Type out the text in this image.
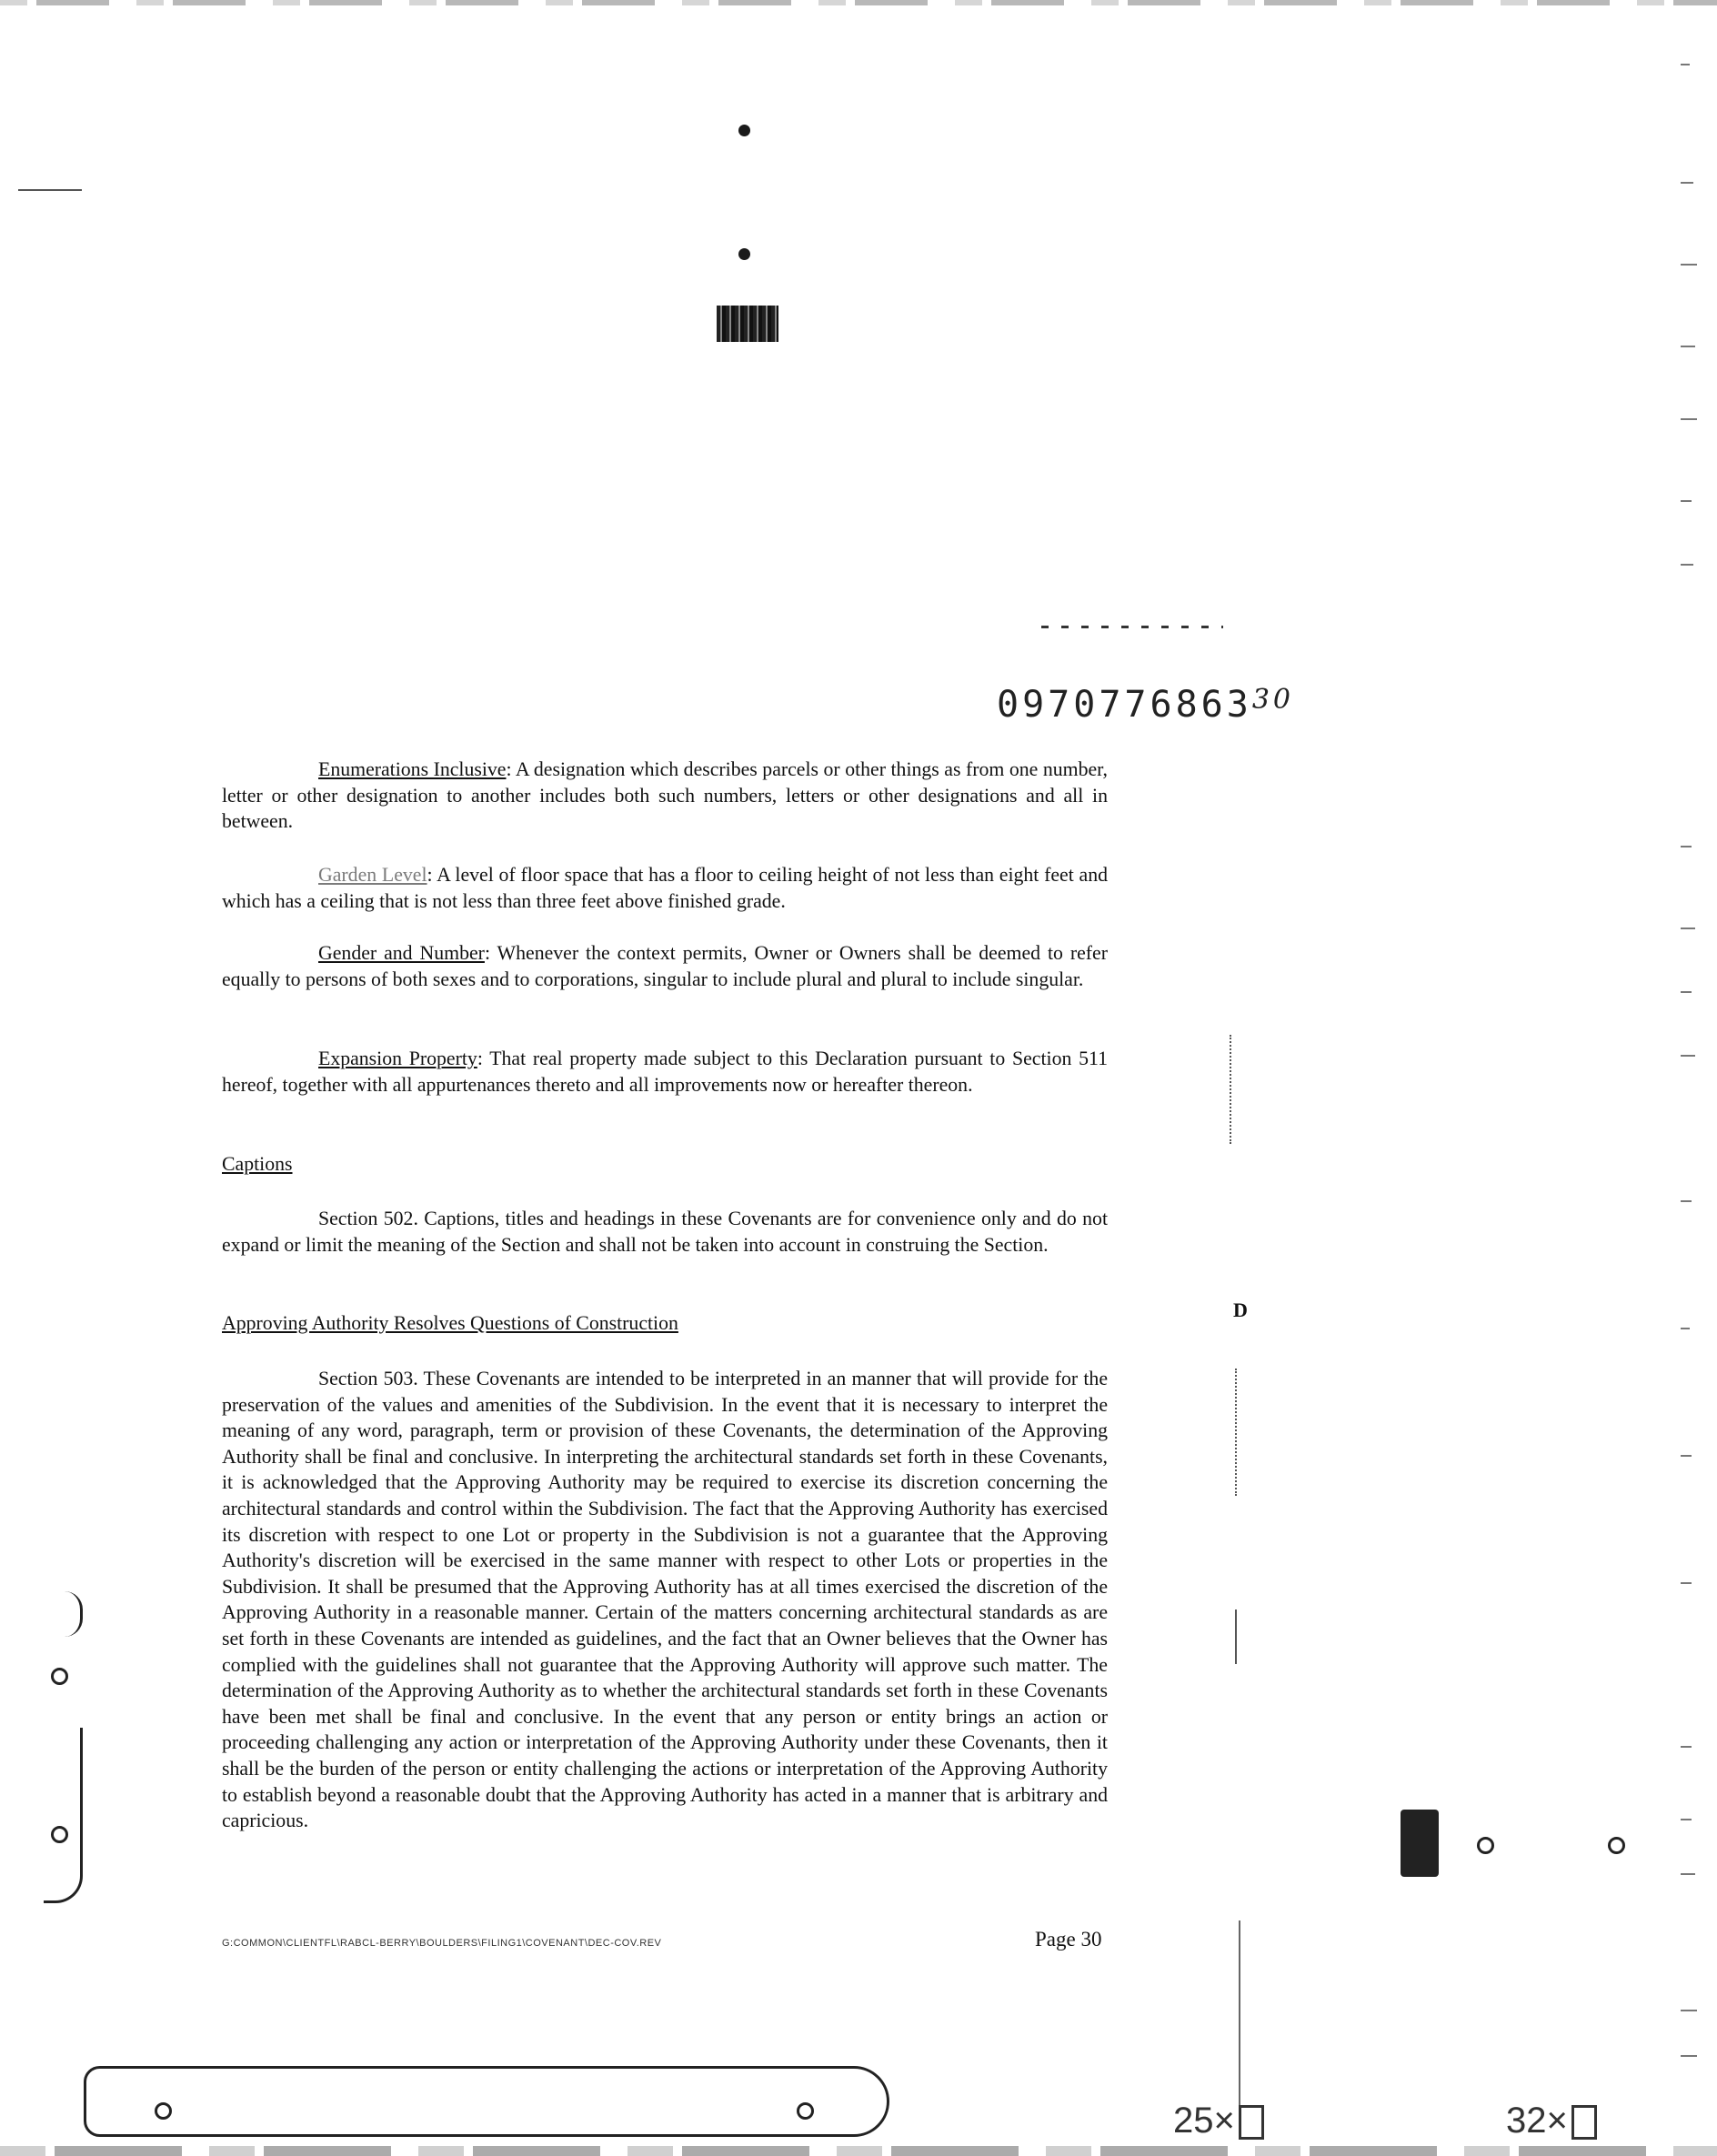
0970776863$^{30}$

Enumerations Inclusive: A designation which describes parcels or other things as from one number, letter or other designation to another includes both such numbers, letters or other designations and all in between.

Garden Level: A level of floor space that has a floor to ceiling height of not less than eight feet and which has a ceiling that is not less than three feet above finished grade.

Gender and Number: Whenever the context permits, Owner or Owners shall be deemed to refer equally to persons of both sexes and to corporations, singular to include plural and plural to include singular.

Expansion Property: That real property made subject to this Declaration pursuant to Section 511 hereof, together with all appurtenances thereto and all improvements now or hereafter thereon.

Captions

Section 502. Captions, titles and headings in these Covenants are for convenience only and do not expand or limit the meaning of the Section and shall not be taken into account in construing the Section.

Approving Authority Resolves Questions of Construction

Section 503. These Covenants are intended to be interpreted in an manner that will provide for the preservation of the values and amenities of the Subdivision. In the event that it is necessary to interpret the meaning of any word, paragraph, term or provision of these Covenants, the determination of the Approving Authority shall be final and conclusive. In interpreting the architectural standards set forth in these Covenants, it is acknowledged that the Approving Authority may be required to exercise its discretion concerning the architectural standards and control within the Subdivision. The fact that the Approving Authority has exercised its discretion with respect to one Lot or property in the Subdivision is not a guarantee that the Approving Authority's discretion will be exercised in the same manner with respect to other Lots or properties in the Subdivision. It shall be presumed that the Approving Authority has at all times exercised the discretion of the Approving Authority in a reasonable manner. Certain of the matters concerning architectural standards as are set forth in these Covenants are intended as guidelines, and the fact that an Owner believes that the Owner has complied with the guidelines shall not guarantee that the Approving Authority will approve such matter. The determination of the Approving Authority as to whether the architectural standards set forth in these Covenants have been met shall be final and conclusive. In the event that any person or entity brings an action or proceeding challenging any action or interpretation of the Approving Authority under these Covenants, then it shall be the burden of the person or entity challenging the actions or interpretation of the Approving Authority to establish beyond a reasonable doubt that the Approving Authority has acted in a manner that is arbitrary and capricious.

G:COMMON\CLIENTFL\RABCL-BERRY\BOULDERS\FILING1\COVENANT\DEC-COV.REV	Page 30
D
25×	32×
